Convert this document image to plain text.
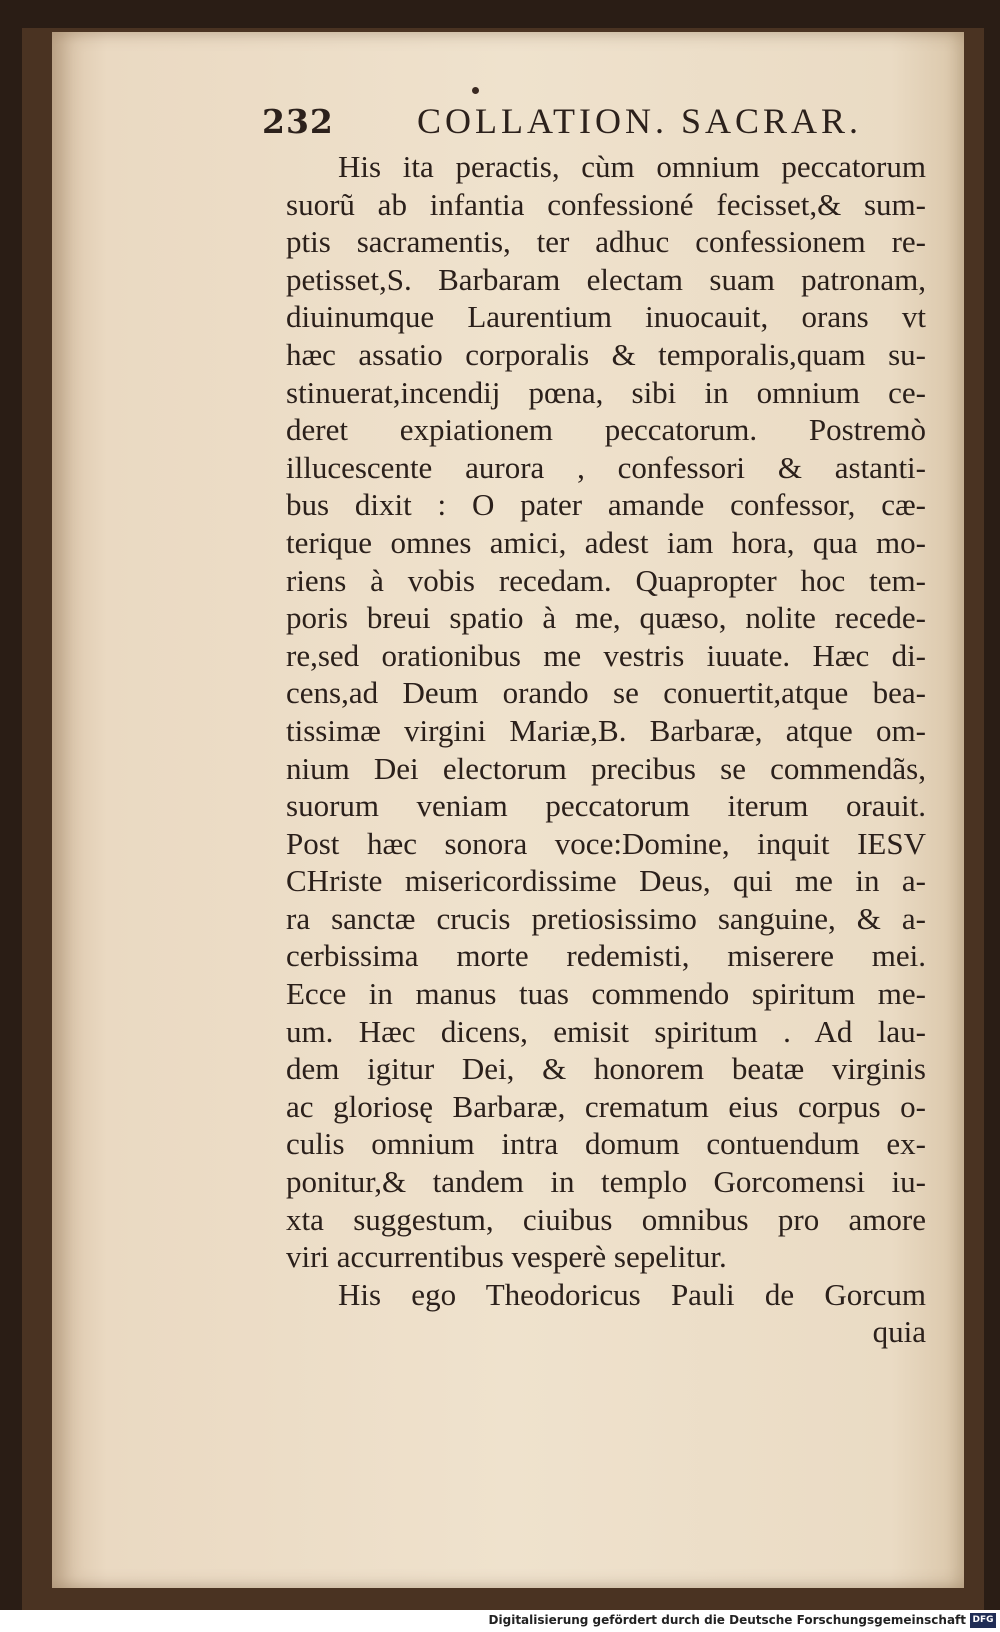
232 COLLATION. SACRAR.
His ita peractis, cùm omnium peccatorum
suorũ ab infantia confessioné fecisset,& sum-
ptis sacramentis, ter adhuc confessionem re-
petisset,S. Barbaram electam suam patronam,
diuinumque Laurentium inuocauit, orans vt
hæc assatio corporalis & temporalis,quam su-
stinuerat,incendij pœna, sibi in omnium ce-
deret expiationem peccatorum. Postremò
illucescente aurora , confessori & astanti-
bus dixit : O pater amande confessor, cæ-
terique omnes amici, adest iam hora, qua mo-
riens à vobis recedam. Quapropter hoc tem-
poris breui spatio à me, quæso, nolite recede-
re,sed orationibus me vestris iuuate. Hæc di-
cens,ad Deum orando se conuertit,atque bea-
tissimæ virgini Mariæ,B. Barbaræ, atque om-
nium Dei electorum precibus se commendãs,
suorum veniam peccatorum iterum orauit.
Post hæc sonora voce:Domine, inquit IESV
CHriste misericordissime Deus, qui me in a-
ra sanctæ crucis pretiosissimo sanguine, & a-
cerbissima morte redemisti, miserere mei.
Ecce in manus tuas commendo spiritum me-
um. Hæc dicens, emisit spiritum . Ad lau-
dem igitur Dei, & honorem beatæ virginis
ac gloriosę Barbaræ, crematum eius corpus o-
culis omnium intra domum contuendum ex-
ponitur,& tandem in templo Gorcomensi iu-
xta suggestum, ciuibus omnibus pro amore
viri accurrentibus vesperè sepelitur.
His ego Theodoricus Pauli de Gorcum
quia
Digitalisierung gefördert durch die Deutsche Forschungsgemeinschaft DFG
